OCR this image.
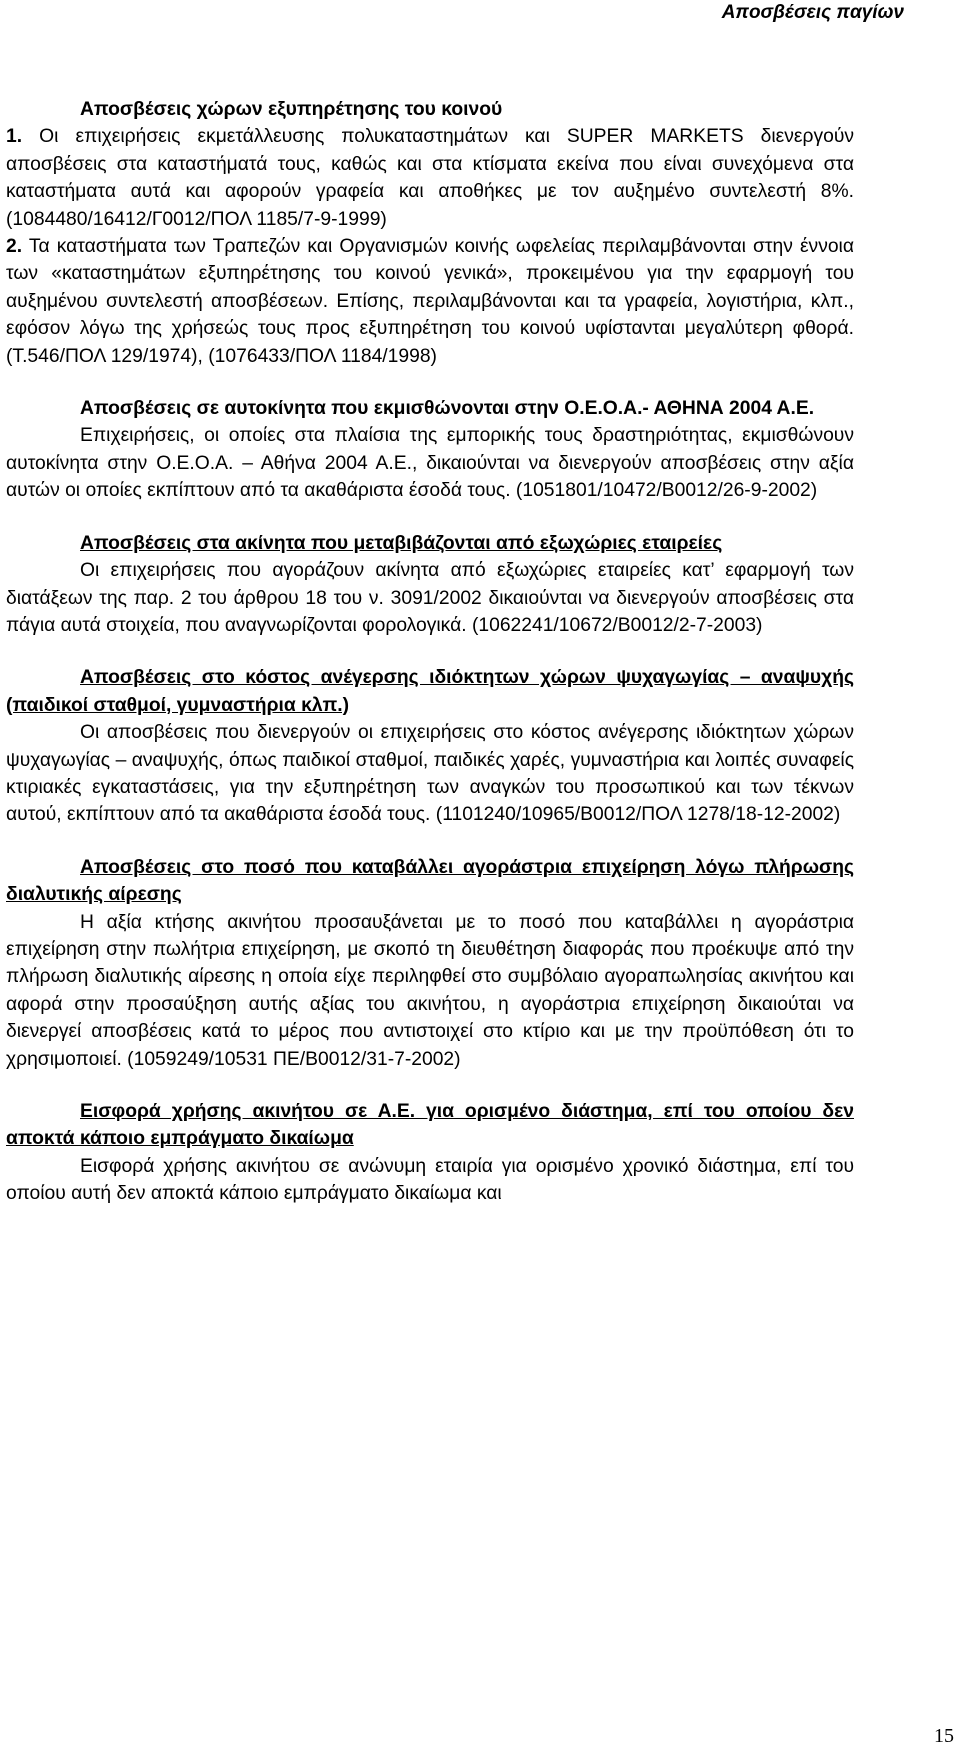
Αποσβέσεις παγίων

Αποσβέσεις χώρων εξυπηρέτησης του κοινού

1. Οι επιχειρήσεις εκμετάλλευσης πολυκαταστημάτων και SUPER MARKETS διενεργούν αποσβέσεις στα καταστήματά τους, καθώς και στα κτίσματα εκείνα που είναι συνεχόμενα στα καταστήματα αυτά και αφορούν γραφεία και αποθήκες με τον αυξημένο συντελεστή 8%. (1084480/16412/Γ0012/ΠΟΛ 1185/7-9-1999)

2. Τα καταστήματα των Τραπεζών και Οργανισμών κοινής ωφελείας περιλαμβάνονται στην έννοια των «καταστημάτων εξυπηρέτησης του κοινού γενικά», προκειμένου για την εφαρμογή του αυξημένου συντελεστή αποσβέσεων. Επίσης, περιλαμβάνονται και τα γραφεία, λογιστήρια, κλπ., εφόσον λόγω της χρήσεώς τους προς εξυπηρέτηση του κοινού υφίστανται μεγαλύτερη φθορά. (Τ.546/ΠΟΛ 129/1974), (1076433/ΠΟΛ 1184/1998)

Αποσβέσεις σε αυτοκίνητα που εκμισθώνονται στην Ο.Ε.Ο.Α.- ΑΘΗΝΑ 2004 Α.Ε.

Επιχειρήσεις, οι οποίες στα πλαίσια της εμπορικής τους δραστηριότητας, εκμισθώνουν αυτοκίνητα στην Ο.Ε.Ο.Α. – Αθήνα 2004 Α.Ε., δικαιούνται να διενεργούν αποσβέσεις στην αξία αυτών οι οποίες εκπίπτουν από τα ακαθάριστα έσοδά τους. (1051801/10472/Β0012/26-9-2002)

Αποσβέσεις στα ακίνητα που μεταβιβάζονται από εξωχώριες εταιρείες

Οι επιχειρήσεις που αγοράζουν ακίνητα από εξωχώριες εταιρείες κατ’ εφαρμογή των διατάξεων της παρ. 2 του άρθρου 18 του ν. 3091/2002 δικαιούνται να διενεργούν αποσβέσεις στα πάγια αυτά στοιχεία, που αναγνωρίζονται φορολογικά. (1062241/10672/Β0012/2-7-2003)

Αποσβέσεις στο κόστος ανέγερσης ιδιόκτητων χώρων ψυχαγωγίας – αναψυχής (παιδικοί σταθμοί, γυμναστήρια κλπ.)

Οι αποσβέσεις που διενεργούν οι επιχειρήσεις στο κόστος ανέγερσης ιδιόκτητων χώρων ψυχαγωγίας – αναψυχής, όπως παιδικοί σταθμοί, παιδικές χαρές, γυμναστήρια και λοιπές συναφείς κτιριακές εγκαταστάσεις, για την εξυπηρέτηση των αναγκών του προσωπικού και των τέκνων αυτού, εκπίπτουν από τα ακαθάριστα έσοδά τους. (1101240/10965/Β0012/ΠΟΛ 1278/18-12-2002)

Αποσβέσεις στο ποσό που καταβάλλει αγοράστρια επιχείρηση λόγω πλήρωσης διαλυτικής αίρεσης

Η αξία κτήσης ακινήτου προσαυξάνεται με το ποσό που καταβάλλει η αγοράστρια επιχείρηση στην πωλήτρια επιχείρηση, με σκοπό τη διευθέτηση διαφοράς που προέκυψε από την πλήρωση διαλυτικής αίρεσης η οποία είχε περιληφθεί στο συμβόλαιο αγοραπωλησίας ακινήτου και αφορά στην προσαύξηση αυτής αξίας του ακινήτου, η αγοράστρια επιχείρηση δικαιούται να διενεργεί αποσβέσεις κατά το μέρος που αντιστοιχεί στο κτίριο και με την προϋπόθεση ότι το χρησιμοποιεί. (1059249/10531 ΠΕ/Β0012/31-7-2002)

Εισφορά χρήσης ακινήτου σε Α.Ε. για ορισμένο διάστημα, επί του οποίου δεν αποκτά κάποιο εμπράγματο δικαίωμα

Εισφορά χρήσης ακινήτου σε ανώνυμη εταιρία για ορισμένο χρονικό διάστημα, επί του οποίου αυτή δεν αποκτά κάποιο εμπράγματο δικαίωμα και

15
